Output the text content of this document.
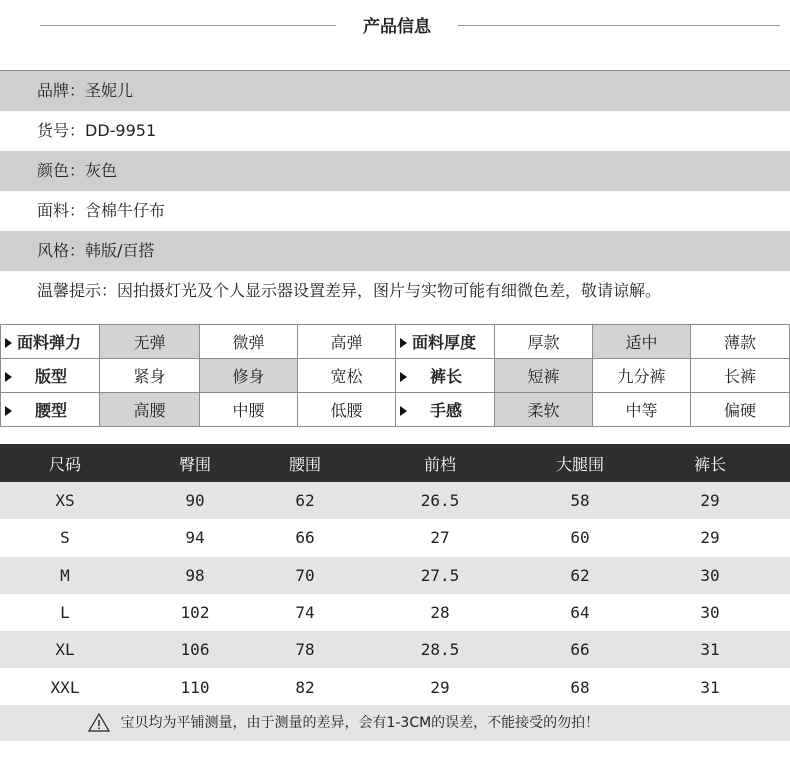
产品信息
品牌：圣妮儿
货号：DD-9951
颜色：灰色
面料：含棉牛仔布
风格：韩版/百搭
温馨提示：因拍摄灯光及个人显示器设置差异，图片与实物可能有细微色差，敬请谅解。
面料弹力	无弹	微弹	高弹	面料厚度	厚款	适中	薄款
版型	紧身	修身	宽松	裤长	短裤	九分裤	长裤
腰型	高腰	中腰	低腰	手感	柔软	中等	偏硬
尺码	臀围	腰围	前档	大腿围	裤长
XS	90	62	26.5	58	29
S	94	66	27	60	29
M	98	70	27.5	62	30
L	102	74	28	64	30
XL	106	78	28.5	66	31
XXL	110	82	29	68	31
宝贝均为平铺测量，由于测量的差异，会有1-3CM的误差，不能接受的勿拍！
